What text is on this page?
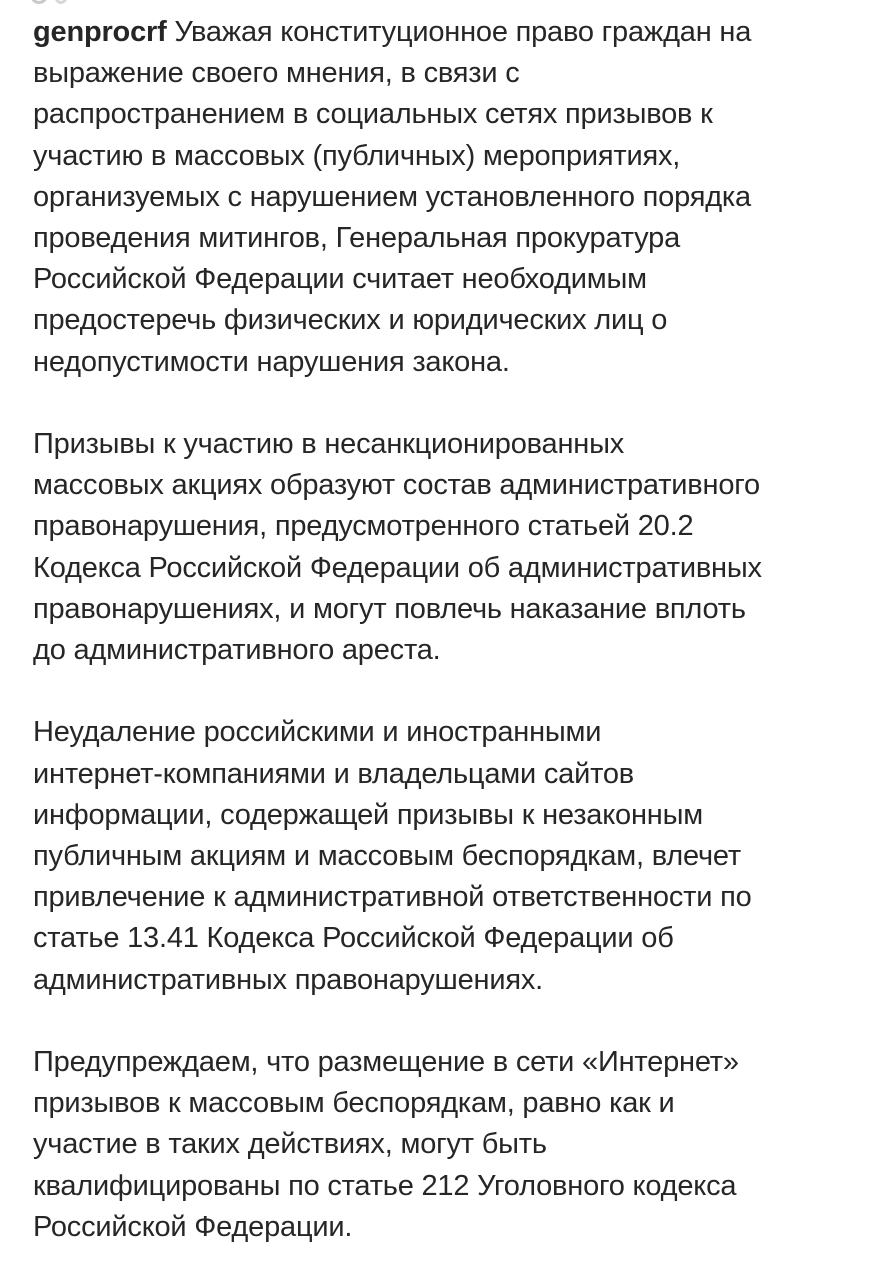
genprocrf Уважая конституционное право граждан на
выражение своего мнения, в связи с
распространением в социальных сетях призывов к
участию в массовых (публичных) мероприятиях,
организуемых с нарушением установленного порядка
проведения митингов, Генеральная прокуратура
Российской Федерации считает необходимым
предостеречь физических и юридических лиц о
недопустимости нарушения закона.

Призывы к участию в несанкционированных
массовых акциях образуют состав административного
правонарушения, предусмотренного статьей 20.2
Кодекса Российской Федерации об административных
правонарушениях, и могут повлечь наказание вплоть
до административного ареста.

Неудаление российскими и иностранными
интернет-компаниями и владельцами сайтов
информации, содержащей призывы к незаконным
публичным акциям и массовым беспорядкам, влечет
привлечение к административной ответственности по
статье 13.41 Кодекса Российской Федерации об
административных правонарушениях.

Предупреждаем, что размещение в сети «Интернет»
призывов к массовым беспорядкам, равно как и
участие в таких действиях, могут быть
квалифицированы по статье 212 Уголовного кодекса
Российской Федерации.
